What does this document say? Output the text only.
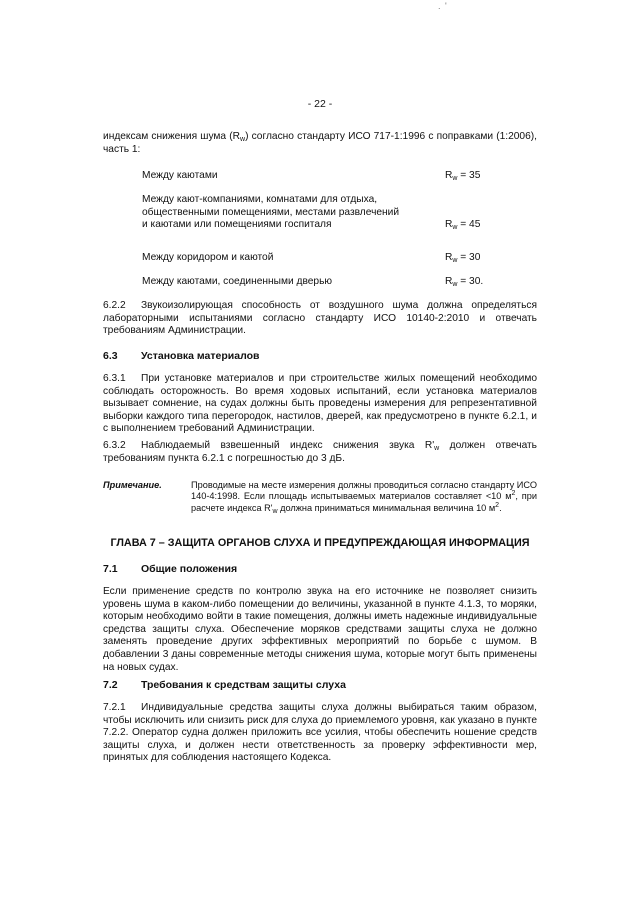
. '
- 22 -
индексам снижения шума $(R_w)$ согласно стандарту ИСО 717-1:1996 с поправками (1:2006), часть 1:
Между каютами	$R_w = 35$
Между кают-компаниями, комнатами для отдыха, общественными помещениями, местами развлечений и каютами или помещениями госпиталя	$R_w = 45$
Между коридором и каютой	$R_w = 30$
Между каютами, соединенными дверью	$R_w = 30$.
6.2.2 Звукоизолирующая способность от воздушного шума должна определяться лабораторными испытаниями согласно стандарту ИСО 10140-2:2010 и отвечать требованиям Администрации.
6.3 Установка материалов
6.3.1 При установке материалов и при строительстве жилых помещений необходимо соблюдать осторожность. Во время ходовых испытаний, если установка материалов вызывает сомнение, на судах должны быть проведены измерения для репрезентативной выборки каждого типа перегородок, настилов, дверей, как предусмотрено в пункте 6.2.1, и с выполнением требований Администрации.
6.3.2 Наблюдаемый взвешенный индекс снижения звука $R'_w$ должен отвечать требованиям пункта 6.2.1 с погрешностью до 3 дБ.
Примечание.	Проводимые на месте измерения должны проводиться согласно стандарту ИСО 140-4:1998. Если площадь испытываемых материалов составляет <10 $м^2$, при расчете индекса $R'_w$ должна приниматься минимальная величина 10 $м^2$.
ГЛАВА 7 – ЗАЩИТА ОРГАНОВ СЛУХА И ПРЕДУПРЕЖДАЮЩАЯ ИНФОРМАЦИЯ
7.1 Общие положения
Если применение средств по контролю звука на его источнике не позволяет снизить уровень шума в каком-либо помещении до величины, указанной в пункте 4.1.3, то моряки, которым необходимо войти в такие помещения, должны иметь надежные индивидуальные средства защиты слуха. Обеспечение моряков средствами защиты слуха не должно заменять проведение других эффективных мероприятий по борьбе с шумом. В добавлении 3 даны современные методы снижения шума, которые могут быть применены на новых судах.
7.2 Требования к средствам защиты слуха
7.2.1 Индивидуальные средства защиты слуха должны выбираться таким образом, чтобы исключить или снизить риск для слуха до приемлемого уровня, как указано в пункте 7.2.2. Оператор судна должен приложить все усилия, чтобы обеспечить ношение средств защиты слуха, и должен нести ответственность за проверку эффективности мер, принятых для соблюдения настоящего Кодекса.
